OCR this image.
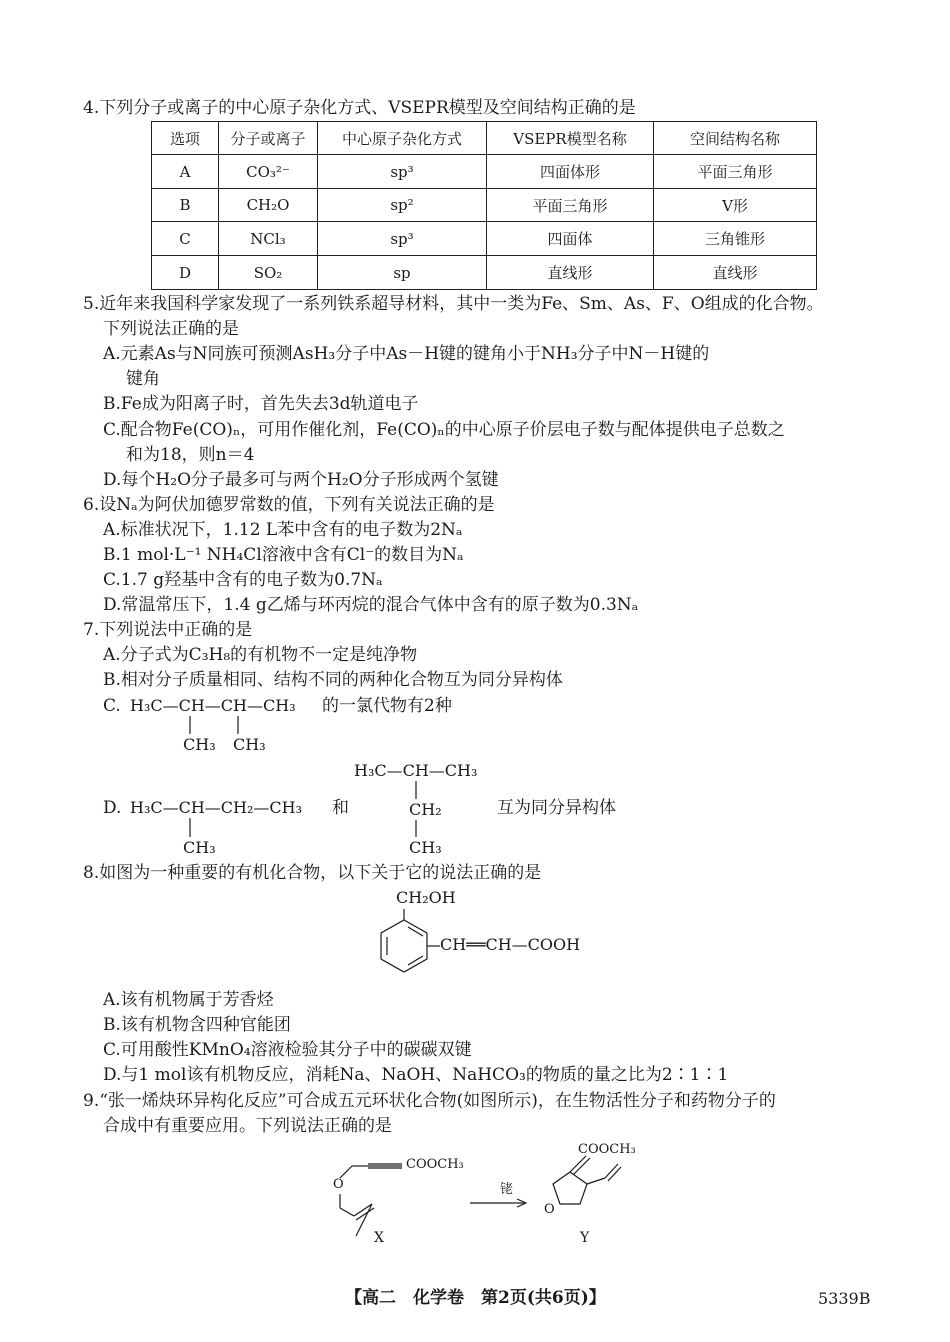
4.下列分子或离子的中心原子杂化方式、VSEPR模型及空间结构正确的是
选项	分子或离子	中心原子杂化方式	VSEPR模型名称	空间结构名称
A	CO₃²⁻	sp³	四面体形	平面三角形
B	CH₂O	sp²	平面三角形	V形
C	NCl₃	sp³	四面体	三角锥形
D	SO₂	sp	直线形	直线形
5.近年来我国科学家发现了一系列铁系超导材料，其中一类为Fe、Sm、As、F、O组成的化合物。
下列说法正确的是
A.元素As与N同族可预测AsH₃分子中As－H键的键角小于NH₃分子中N－H键的
键角
B.Fe成为阳离子时，首先失去3d轨道电子
C.配合物Fe(CO)ₙ，可用作催化剂，Fe(CO)ₙ的中心原子价层电子数与配体提供电子总数之
和为18，则n＝4
D.每个H₂O分子最多可与两个H₂O分子形成两个氢键
6.设Nₐ为阿伏加德罗常数的值，下列有关说法正确的是
A.标准状况下，1.12 L苯中含有的电子数为2Nₐ
B.1 mol·L⁻¹ NH₄Cl溶液中含有Cl⁻的数目为Nₐ
C.1.7 g羟基中含有的电子数为0.7Nₐ
D.常温常压下，1.4 g乙烯与环丙烷的混合气体中含有的原子数为0.3Nₐ
7.下列说法中正确的是
A.分子式为C₃H₈的有机物不一定是纯净物
B.相对分子质量相同、结构不同的两种化合物互为同分异构体
C. H₃C—CH—CH—CH₃ 的一氯代物有2种
CH₃ CH₃
D. H₃C—CH—CH₂—CH₃ 和
CH₃
H₃C—CH—CH₃
CH₂
CH₃
互为同分异构体
8.如图为一种重要的有机化合物，以下关于它的说法正确的是
CH₂OH
CH══CH—COOH
A.该有机物属于芳香烃
B.该有机物含四种官能团
C.可用酸性KMnO₄溶液检验其分子中的碳碳双键
D.与1 mol该有机物反应，消耗Na、NaOH、NaHCO₃的物质的量之比为2∶1∶1
9.“张一烯炔环异构化反应”可合成五元环状化合物(如图所示)，在生物活性分子和药物分子的
合成中有重要应用。下列说法正确的是
COOCH₃
O
X
铑
COOCH₃
O
Y
【高二　化学卷　第2页(共6页)】	5339B
